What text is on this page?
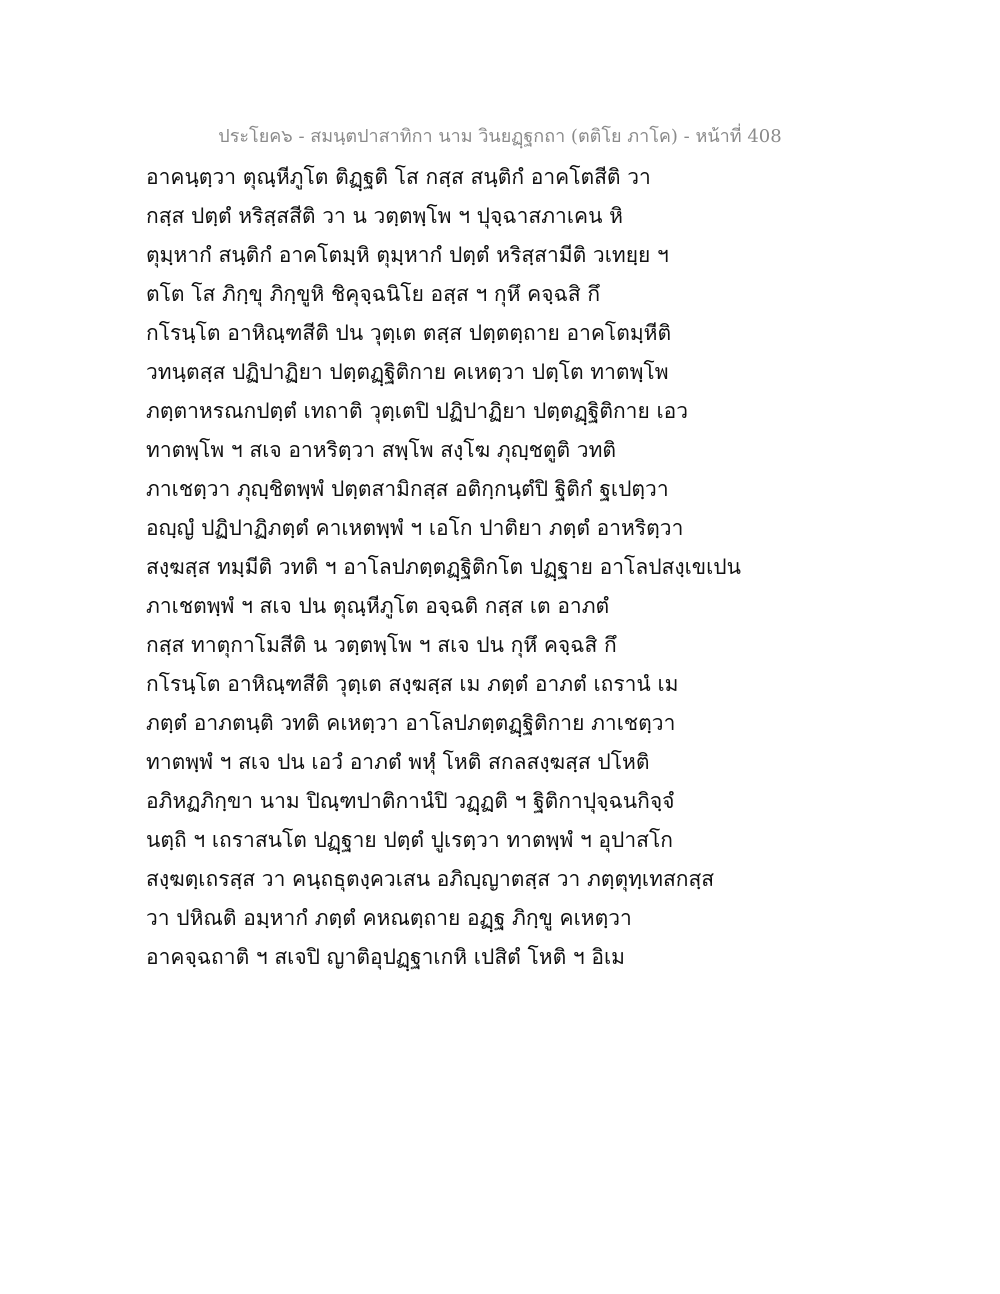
ประโยค๖ - สมนฺตปาสาทิกา นาม วินยฏฺฐกถา (ตติโย ภาโค) - หน้าที่ 408
อาคนฺตฺวา ตุณฺหีภูโต ติฏฺฐติ โส กสฺส สนฺติกํ อาคโตสีติ วา
กสฺส ปตฺตํ หริสฺสสีติ วา น วตฺตพฺโพ ฯ ปุจฺฉาสภาเคน หิ
ตุมฺหากํ สนฺติกํ อาคโตมฺหิ ตุมฺหากํ ปตฺตํ หริสฺสามีติ วเทยฺย ฯ
ตโต โส ภิกฺขุ ภิกฺขูหิ ชิคุจฺฉนิโย อสฺส ฯ กุหึ คจฺฉสิ กึ
กโรนฺโต อาหิณฺฑสีติ ปน วุตฺเต ตสฺส ปตฺตตฺถาย อาคโตมฺหีติ
วทนฺตสฺส ปฏิปาฏิยา ปตฺตฏฺฐิติกาย คเหตฺวา ปตฺโต ทาตพฺโพ
ภตฺตาหรณกปตฺตํ เทถาติ วุตฺเตปิ ปฏิปาฏิยา ปตฺตฏฺฐิติกาย เอว
ทาตพฺโพ ฯ สเจ อาหริตฺวา สพฺโพ สงฺโฆ ภุญฺชตูติ วทติ
ภาเชตฺวา ภุญฺชิตพฺพํ ปตฺตสามิกสฺส อติกฺกนฺตํปิ ฐิติกํ ฐเปตฺวา
อญฺญํ ปฏิปาฏิภตฺตํ คาเหตพฺพํ ฯ เอโก ปาติยา ภตฺตํ อาหริตฺวา
สงฺฆสฺส ทมฺมีติ วทติ ฯ อาโลปภตฺตฏฺฐิติกโต ปฏฺฐาย อาโลปสงฺเขเปน
ภาเชตพฺพํ ฯ สเจ ปน ตุณฺหีภูโต อจฺฉติ กสฺส เต อาภตํ
กสฺส ทาตุกาโมสีติ น วตฺตพฺโพ ฯ สเจ ปน กุหึ คจฺฉสิ กึ
กโรนฺโต อาหิณฺฑสีติ วุตฺเต สงฺฆสฺส เม ภตฺตํ อาภตํ เถรานํ เม
ภตฺตํ อาภตนฺติ วทติ คเหตฺวา อาโลปภตฺตฏฺฐิติกาย ภาเชตฺวา
ทาตพฺพํ ฯ สเจ ปน เอวํ อาภตํ พหุํ โหติ สกลสงฺฆสฺส ปโหติ
อภิหฏภิกฺขา นาม ปิณฺฑปาติกานํปิ วฏฺฏติ ฯ ฐิติกาปุจฺฉนกิจฺจํ
นตฺถิ ฯ เถราสนโต ปฏฺฐาย ปตฺตํ ปูเรตฺวา ทาตพฺพํ ฯ อุปาสโก
สงฺฆตฺเถรสฺส วา คนฺถธุตงฺควเสน อภิญฺญาตสฺส วา ภตฺตุทฺเทสกสฺส
วา ปหิณติ อมฺหากํ ภตฺตํ คหณตฺถาย อฏฺฐ ภิกฺขู คเหตฺวา
อาคจฺฉถาติ ฯ สเจปิ ญาติอุปฏฺฐาเกหิ เปสิตํ โหติ ฯ อิเม
